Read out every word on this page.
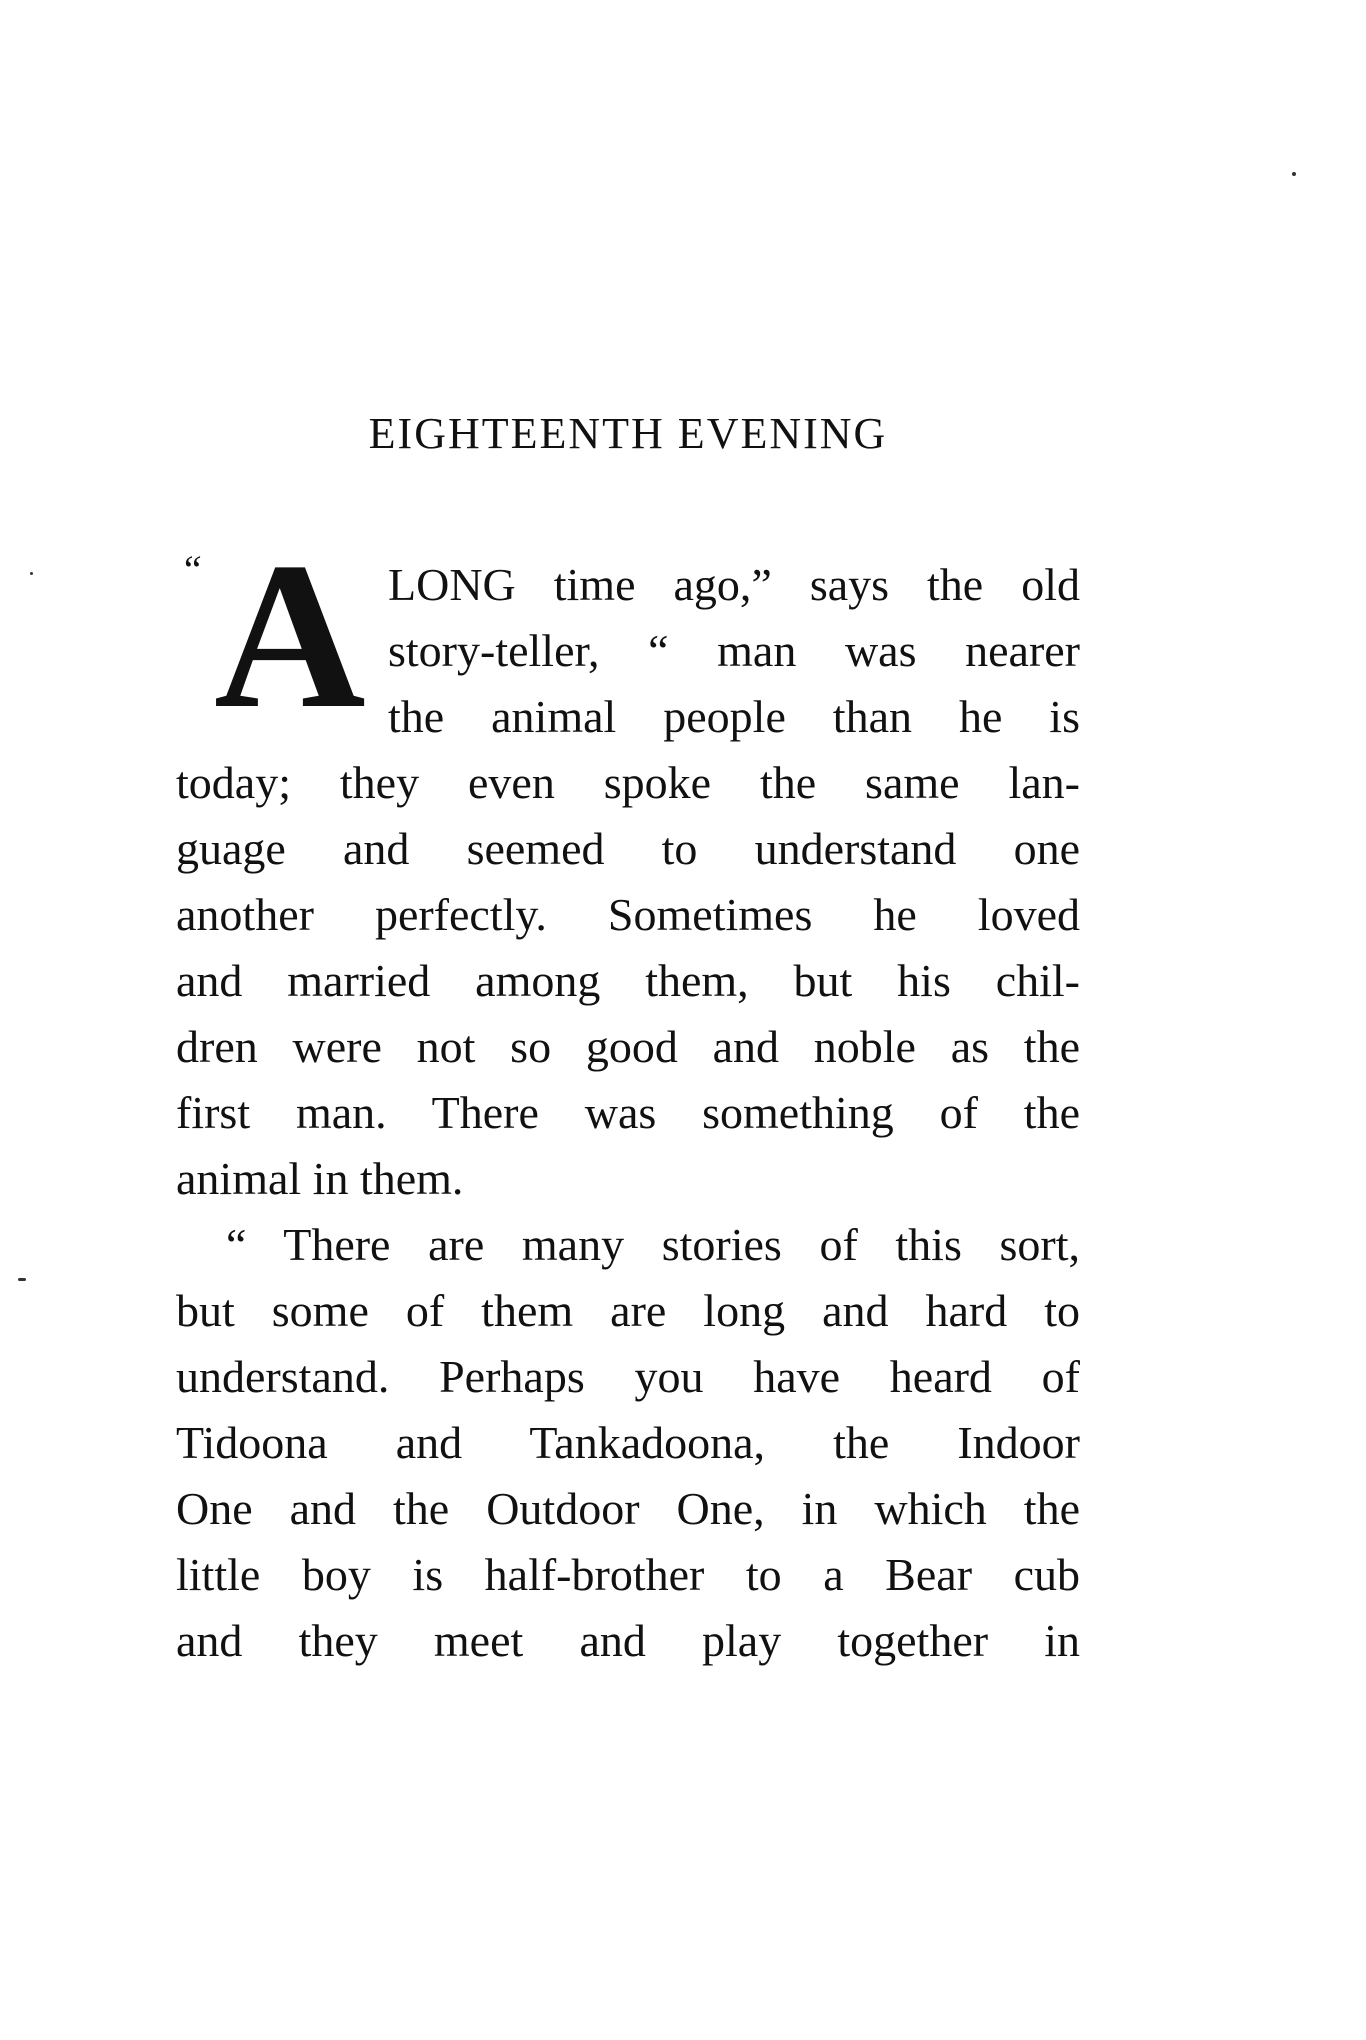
EIGHTEENTH EVENING
“ A LONG time ago,” says the old
story-teller, “ man was nearer
the animal people than he is
today; they even spoke the same lan-
guage and seemed to understand one
another perfectly. Sometimes he loved
and married among them, but his chil-
dren were not so good and noble as the
first man. There was something of the
animal in them.
“ There are many stories of this sort,
but some of them are long and hard to
understand. Perhaps you have heard of
Tidoona and Tankadoona, the Indoor
One and the Outdoor One, in which the
little boy is half-brother to a Bear cub
and they meet and play together in
